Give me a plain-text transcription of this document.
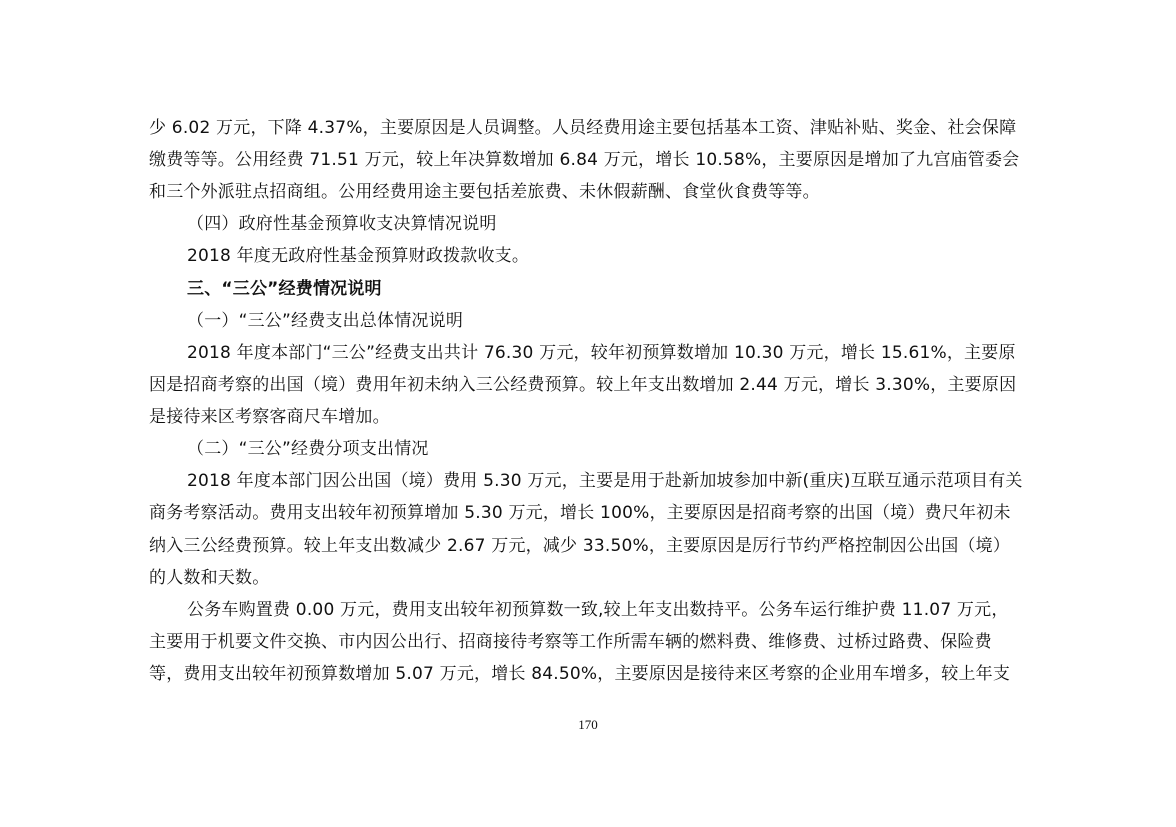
少 6.02 万元，下降 4.37%，主要原因是人员调整。人员经费用途主要包括基本工资、津贴补贴、奖金、社会保障
缴费等等。公用经费 71.51 万元，较上年决算数增加 6.84 万元，增长 10.58%，主要原因是增加了九宫庙管委会
和三个外派驻点招商组。公用经费用途主要包括差旅费、未休假薪酬、食堂伙食费等等。
（四）政府性基金预算收支决算情况说明
2018 年度无政府性基金预算财政拨款收支。
三、“三公”经费情况说明
（一）“三公”经费支出总体情况说明
2018 年度本部门“三公”经费支出共计 76.30 万元，较年初预算数增加 10.30 万元，增长 15.61%，主要原
因是招商考察的出国（境）费用年初未纳入三公经费预算。较上年支出数增加 2.44 万元，增长 3.30%，主要原因
是接待来区考察客商尺车增加。
（二）“三公”经费分项支出情况
2018 年度本部门因公出国（境）费用 5.30 万元，主要是用于赴新加坡参加中新(重庆)互联互通示范项目有关
商务考察活动。费用支出较年初预算增加 5.30 万元，增长 100%，主要原因是招商考察的出国（境）费尺年初未
纳入三公经费预算。较上年支出数减少 2.67 万元，减少 33.50%，主要原因是厉行节约严格控制因公出国（境）
的人数和天数。
公务车购置费 0.00 万元，费用支出较年初预算数一致,较上年支出数持平。公务车运行维护费 11.07 万元，
主要用于机要文件交换、市内因公出行、招商接待考察等工作所需车辆的燃料费、维修费、过桥过路费、保险费
等，费用支出较年初预算数增加 5.07 万元，增长 84.50%，主要原因是接待来区考察的企业用车增多，较上年支
170
